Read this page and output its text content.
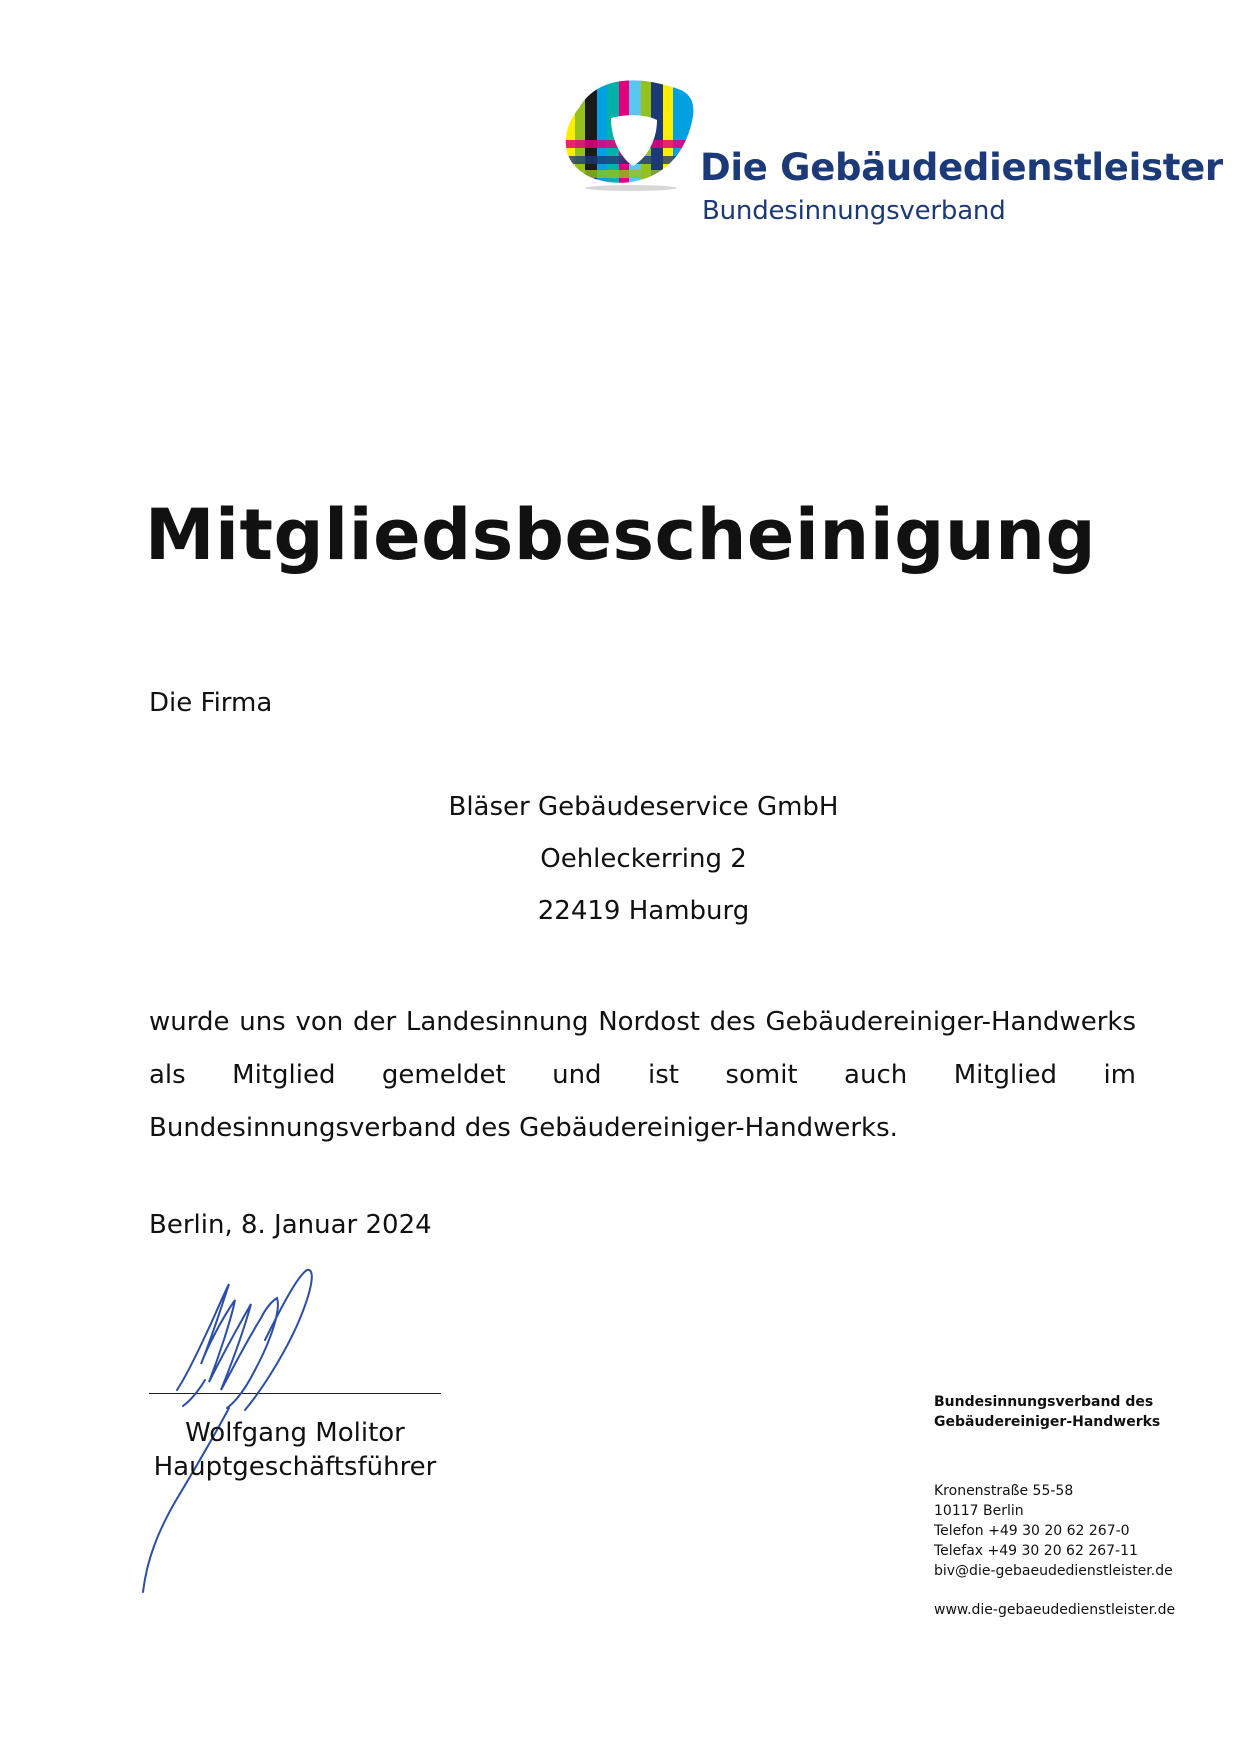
Die Gebäudedienstleister
Bundesinnungsverband
Mitgliedsbescheinigung
Die Firma
Bläser Gebäudeservice GmbH
Oehleckerring 2
22419 Hamburg
wurde uns von der Landesinnung Nordost des Gebäudereiniger-Handwerks als Mitglied gemeldet und ist somit auch Mitglied im Bundesinnungsverband des Gebäudereiniger-Handwerks.
Berlin, 8. Januar 2024
Wolfgang Molitor
Hauptgeschäftsführer
Bundesinnungsverband des
Gebäudereiniger-Handwerks
Kronenstraße 55-58
10117 Berlin
Telefon +49 30 20 62 267-0
Telefax +49 30 20 62 267-11
biv@die-gebaeudedienstleister.de
www.die-gebaeudedienstleister.de
